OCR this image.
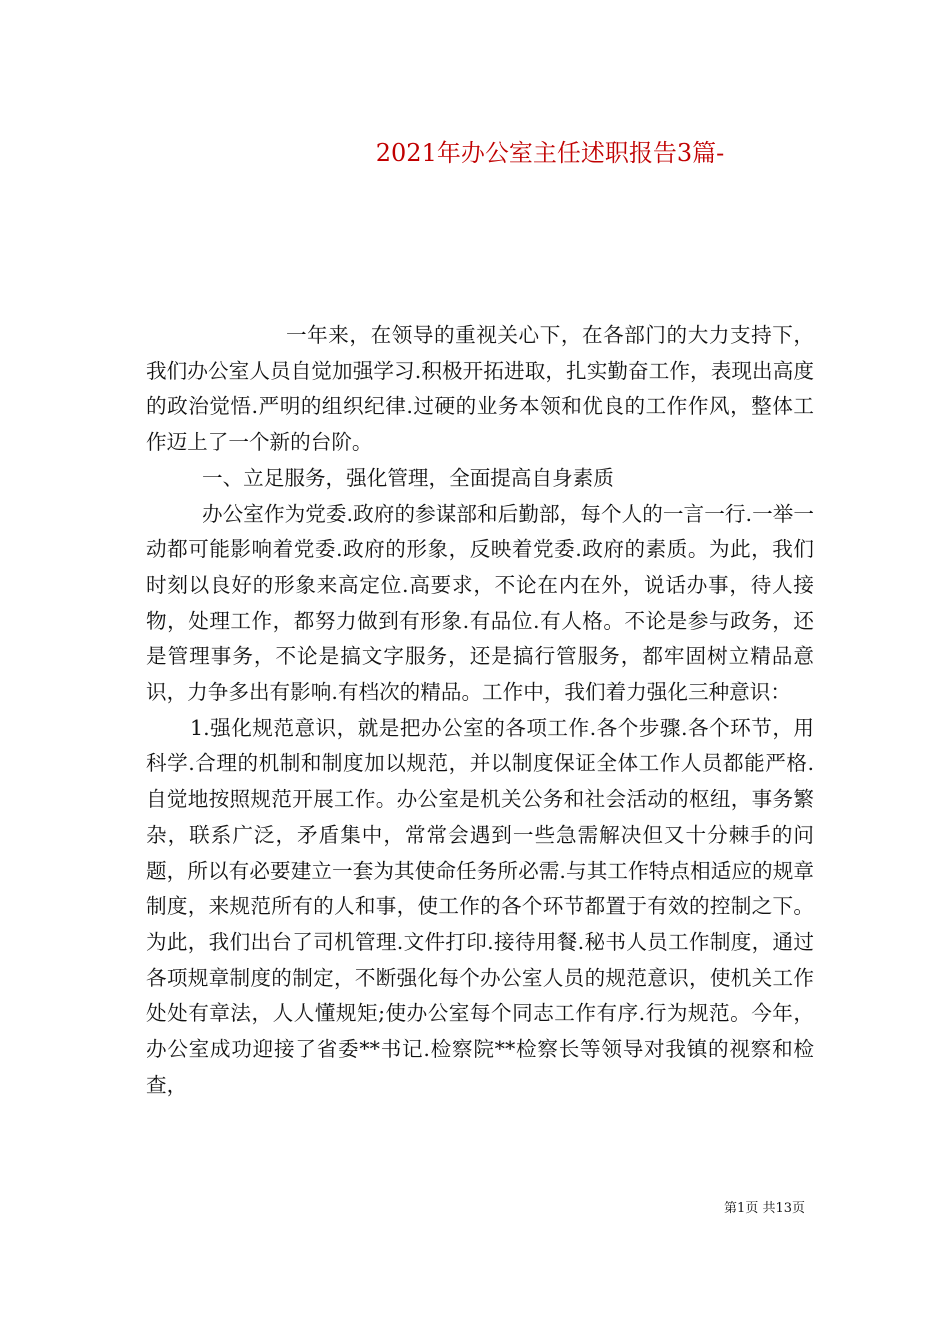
2021年办公室主任述职报告3篇-

一年来，在领导的重视关心下，在各部门的大力支持下，我们办公室人员自觉加强学习.积极开拓进取，扎实勤奋工作，表现出高度的政治觉悟.严明的组织纪律.过硬的业务本领和优良的工作作风，整体工作迈上了一个新的台阶。

一、立足服务，强化管理，全面提高自身素质

办公室作为党委.政府的参谋部和后勤部，每个人的一言一行.一举一动都可能影响着党委.政府的形象，反映着党委.政府的素质。为此，我们时刻以良好的形象来高定位.高要求，不论在内在外，说话办事，待人接物，处理工作，都努力做到有形象.有品位.有人格。不论是参与政务，还是管理事务，不论是搞文字服务，还是搞行管服务，都牢固树立精品意识，力争多出有影响.有档次的精品。工作中，我们着力强化三种意识：

1.强化规范意识，就是把办公室的各项工作.各个步骤.各个环节，用科学.合理的机制和制度加以规范，并以制度保证全体工作人员都能严格.自觉地按照规范开展工作。办公室是机关公务和社会活动的枢纽，事务繁杂，联系广泛，矛盾集中，常常会遇到一些急需解决但又十分棘手的问题，所以有必要建立一套为其使命任务所必需.与其工作特点相适应的规章制度，来规范所有的人和事，使工作的各个环节都置于有效的控制之下。为此，我们出台了司机管理.文件打印.接待用餐.秘书人员工作制度，通过各项规章制度的制定，不断强化每个办公室人员的规范意识，使机关工作处处有章法，人人懂规矩;使办公室每个同志工作有序.行为规范。今年，办公室成功迎接了省委**书记.检察院**检察长等领导对我镇的视察和检查，

第1页 共13页
